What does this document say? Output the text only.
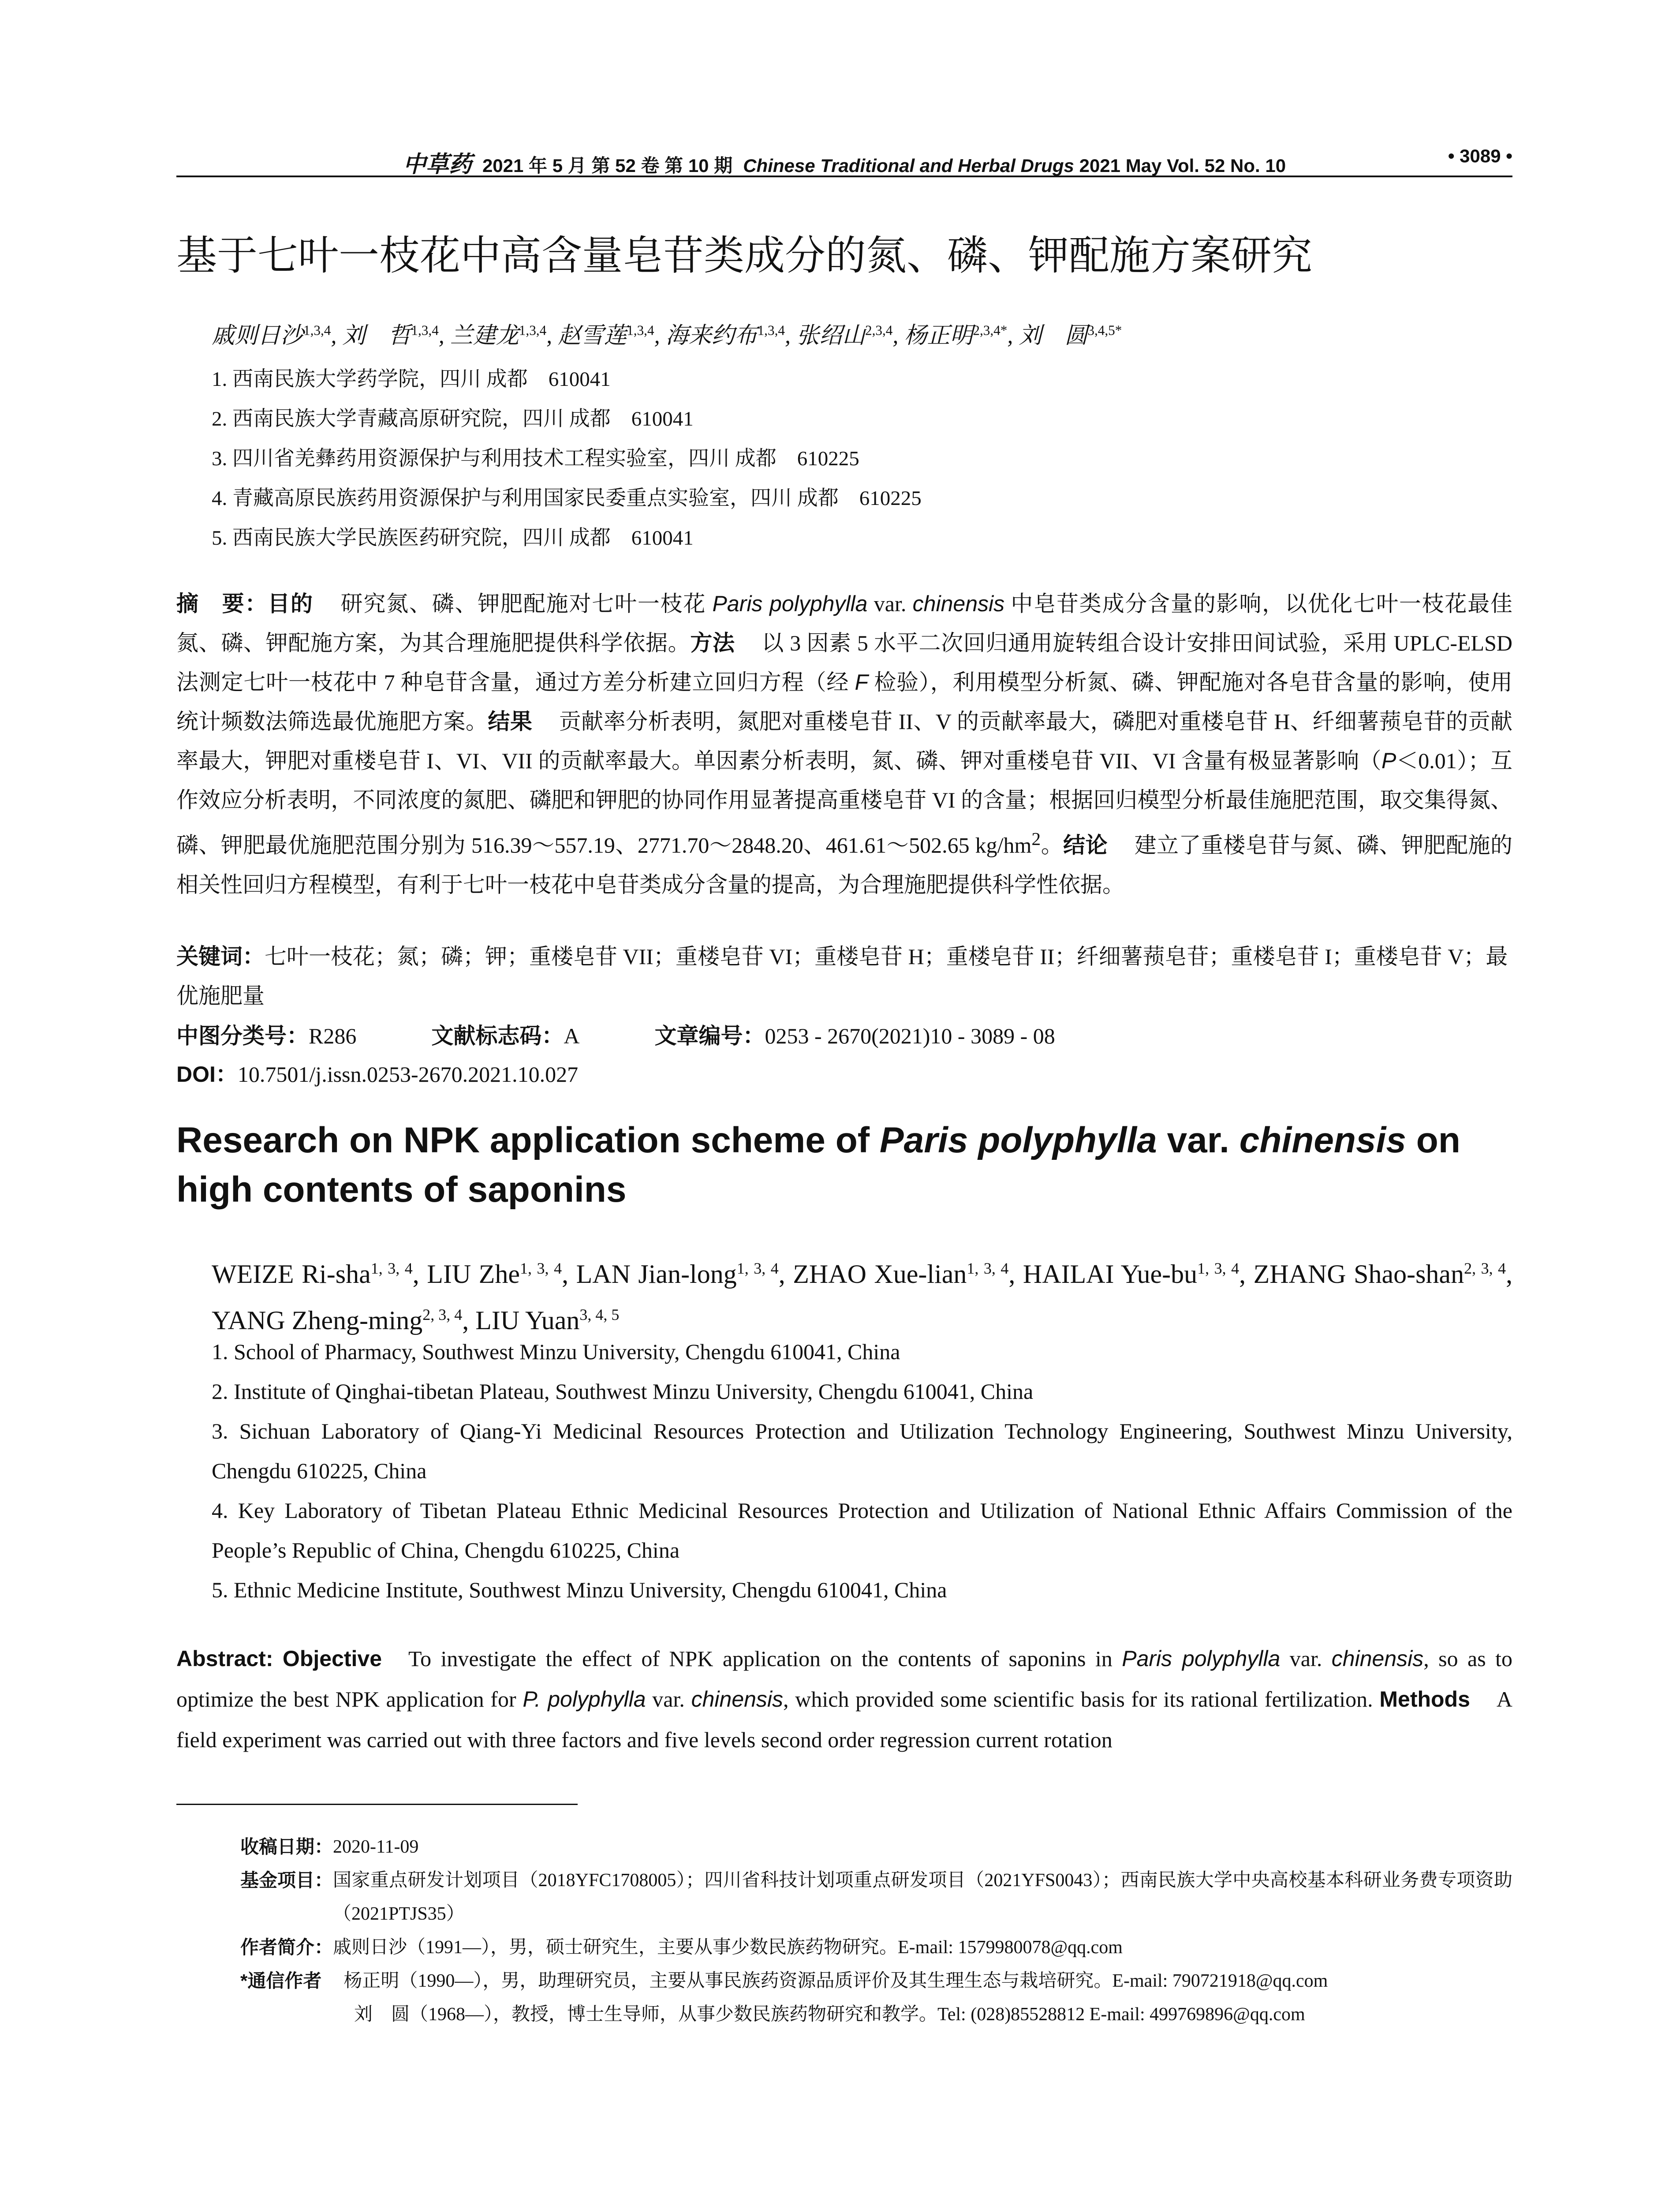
中草药 2021 年 5 月 第 52 卷 第 10 期 Chinese Traditional and Herbal Drugs 2021 May Vol. 52 No. 10	• 3089 •
基于七叶一枝花中高含量皂苷类成分的氮、磷、钾配施方案研究
戚则日沙$^{1,3,4}$, 刘　哲$^{1,3,4}$, 兰建龙$^{1,3,4}$, 赵雪莲$^{1,3,4}$, 海来约布$^{1,3,4}$, 张绍山$^{2,3,4}$, 杨正明$^{2,3,4*}$, 刘　圆$^{3,4,5*}$
1. 西南民族大学药学院，四川 成都　610041
2. 西南民族大学青藏高原研究院，四川 成都　610041
3. 四川省羌彝药用资源保护与利用技术工程实验室，四川 成都　610225
4. 青藏高原民族药用资源保护与利用国家民委重点实验室，四川 成都　610225
5. 西南民族大学民族医药研究院，四川 成都　610041
摘　要：目的 研究氮、磷、钾肥配施对七叶一枝花 Paris polyphylla var. chinensis 中皂苷类成分含量的影响，以优化七叶一枝花最佳氮、磷、钾配施方案，为其合理施肥提供科学依据。方法 以 3 因素 5 水平二次回归通用旋转组合设计安排田间试验，采用 UPLC-ELSD 法测定七叶一枝花中 7 种皂苷含量，通过方差分析建立回归方程（经 F 检验），利用模型分析氮、磷、钾配施对各皂苷含量的影响，使用统计频数法筛选最优施肥方案。结果 贡献率分析表明，氮肥对重楼皂苷 II、V 的贡献率最大，磷肥对重楼皂苷 H、纤细薯蓣皂苷的贡献率最大，钾肥对重楼皂苷 I、VI、VII 的贡献率最大。单因素分析表明，氮、磷、钾对重楼皂苷 VII、VI 含量有极显著影响（P＜0.01）；互作效应分析表明，不同浓度的氮肥、磷肥和钾肥的协同作用显著提高重楼皂苷 VI 的含量；根据回归模型分析最佳施肥范围，取交集得氮、磷、钾肥最优施肥范围分别为 516.39～557.19、2771.70～2848.20、461.61～502.65 $kg/hm^2$。结论 建立了重楼皂苷与氮、磷、钾肥配施的相关性回归方程模型，有利于七叶一枝花中皂苷类成分含量的提高，为合理施肥提供科学性依据。
关键词：七叶一枝花；氮；磷；钾；重楼皂苷 VII；重楼皂苷 VI；重楼皂苷 H；重楼皂苷 II；纤细薯蓣皂苷；重楼皂苷 I；重楼皂苷 V；最优施肥量
中图分类号：R286	文献标志码：A	文章编号：0253 - 2670(2021)10 - 3089 - 08
DOI：10.7501/j.issn.0253-2670.2021.10.027
Research on NPK application scheme of Paris polyphylla var. chinensis on high contents of saponins
WEIZE Ri-sha$^{1, 3, 4}$, LIU Zhe$^{1, 3, 4}$, LAN Jian-long$^{1, 3, 4}$, ZHAO Xue-lian$^{1, 3, 4}$, HAILAI Yue-bu$^{1, 3, 4}$, ZHANG Shao-shan$^{2, 3, 4}$, YANG Zheng-ming$^{2, 3, 4}$, LIU Yuan$^{3, 4, 5}$
1. School of Pharmacy, Southwest Minzu University, Chengdu 610041, China
2. Institute of Qinghai-tibetan Plateau, Southwest Minzu University, Chengdu 610041, China
3. Sichuan Laboratory of Qiang-Yi Medicinal Resources Protection and Utilization Technology Engineering, Southwest Minzu University, Chengdu 610225, China
4. Key Laboratory of Tibetan Plateau Ethnic Medicinal Resources Protection and Utilization of National Ethnic Affairs Commission of the People’s Republic of China, Chengdu 610225, China
5. Ethnic Medicine Institute, Southwest Minzu University, Chengdu 610041, China
Abstract: Objective To investigate the effect of NPK application on the contents of saponins in Paris polyphylla var. chinensis, so as to optimize the best NPK application for P. polyphylla var. chinensis, which provided some scientific basis for its rational fertilization. Methods A field experiment was carried out with three factors and five levels second order regression current rotation
收稿日期： 2020-11-09
基金项目： 国家重点研发计划项目（2018YFC1708005）；四川省科技计划项重点研发项目（2021YFS0043）；西南民族大学中央高校基本科研业务费专项资助（2021PTJS35）
作者简介： 戚则日沙（1991—），男，硕士研究生，主要从事少数民族药物研究。E-mail: 1579980078@qq.com
*通信作者	杨正明（1990—），男，助理研究员，主要从事民族药资源品质评价及其生理生态与栽培研究。E-mail: 790721918@qq.com
刘　圆（1968—），教授，博士生导师，从事少数民族药物研究和教学。Tel: (028)85528812 E-mail: 499769896@qq.com
